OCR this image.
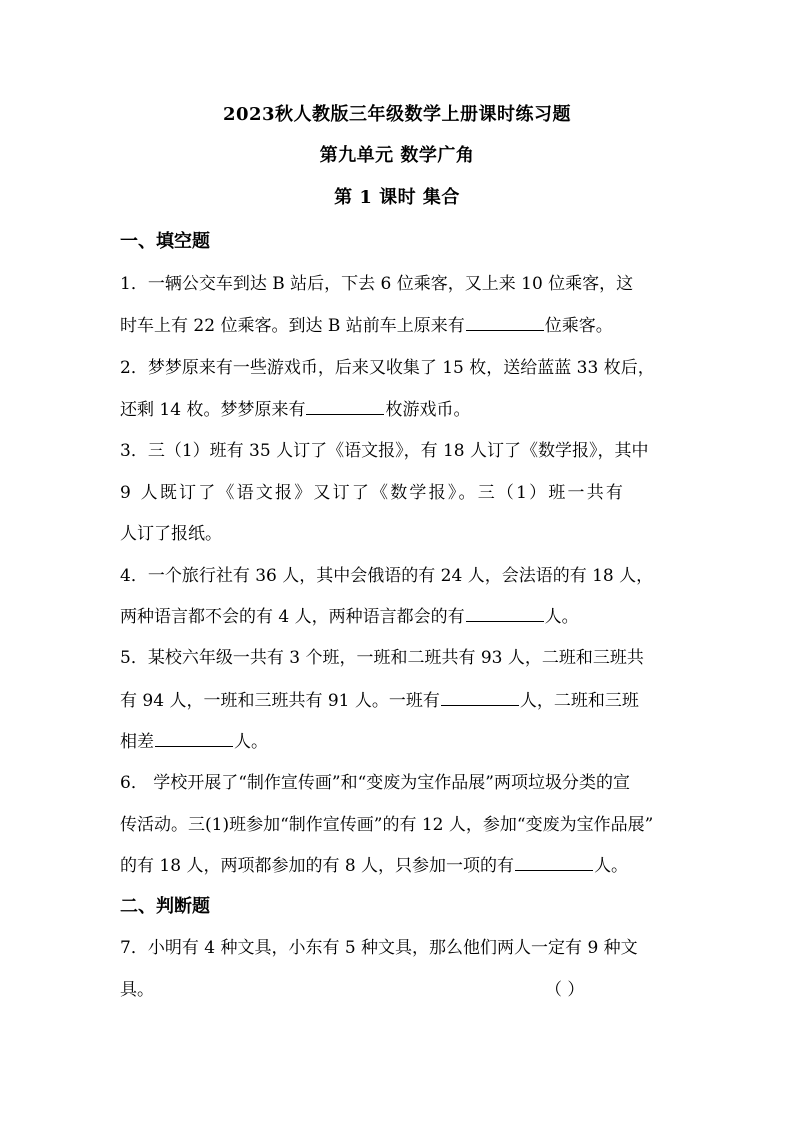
2023秋人教版三年级数学上册课时练习题
第九单元 数学广角
第 1 课时 集合
一、填空题
1．一辆公交车到达 B 站后，下去 6 位乘客，又上来 10 位乘客，这
时车上有 22 位乘客。到达 B 站前车上原来有	位乘客。
2．梦梦原来有一些游戏币，后来又收集了 15 枚，送给蓝蓝 33 枚后，
还剩 14 枚。梦梦原来有	枚游戏币。
3．三（1）班有 35 人订了《语文报》，有 18 人订了《数学报》，其中
9 人既订了《语文报》又订了《数学报》。三（1）班一共有
人订了报纸。
4．一个旅行社有 36 人，其中会俄语的有 24 人，会法语的有 18 人，
两种语言都不会的有 4 人，两种语言都会的有	人。
5．某校六年级一共有 3 个班，一班和二班共有 93 人，二班和三班共
有 94 人，一班和三班共有 91 人。一班有	人，二班和三班
相差	人。
6． 学校开展了“制作宣传画”和“变废为宝作品展”两项垃圾分类的宣
传活动。三(1)班参加“制作宣传画”的有 12 人，参加“变废为宝作品展”
的有 18 人，两项都参加的有 8 人，只参加一项的有	人。
二、判断题
7．小明有 4 种文具，小东有 5 种文具，那么他们两人一定有 9 种文
具。	（ ）
